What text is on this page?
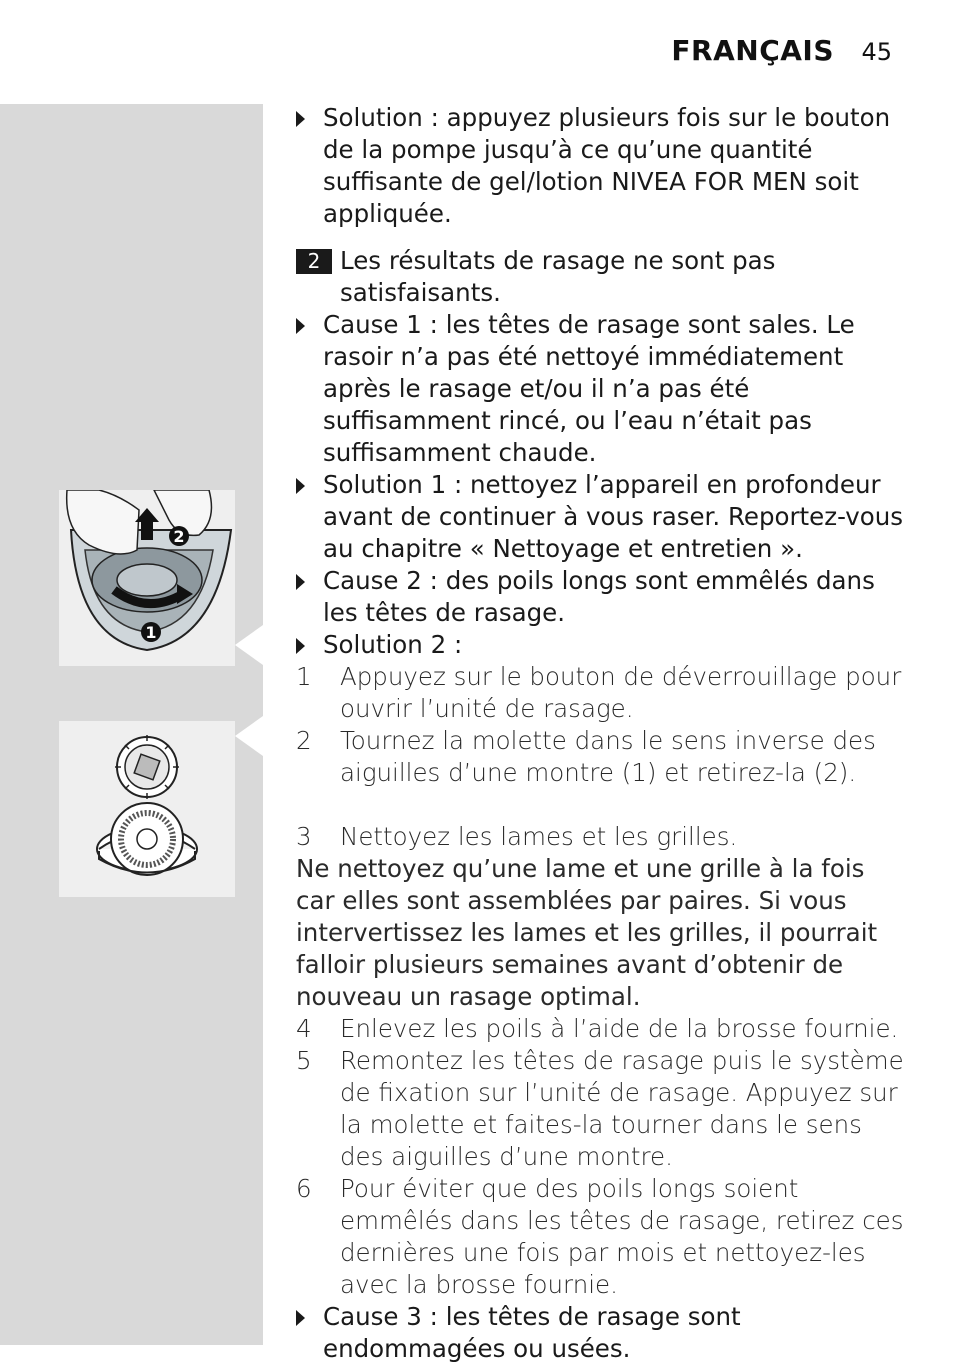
FRANÇAIS 45
2
1
Solution : appuyez plusieurs fois sur le bouton de la pompe jusqu’à ce qu’une quantité suffisante de gel/lotion NIVEA FOR MEN soit appliquée.
2 Les résultats de rasage ne sont pas satisfaisants.
Cause 1 : les têtes de rasage sont sales. Le rasoir n’a pas été nettoyé immédiatement après le rasage et/ou il n’a pas été suffisamment rincé, ou l’eau n’était pas suffisamment chaude.
Solution 1 : nettoyez l’appareil en profondeur avant de continuer à vous raser. Reportez-vous au chapitre « Nettoyage et entretien ».
Cause 2 : des poils longs sont emmêlés dans les têtes de rasage.
Solution 2 :
1 Appuyez sur le bouton de déverrouillage pour ouvrir l’unité de rasage.
2 Tournez la molette dans le sens inverse des aiguilles d’une montre (1) et retirez-la (2).
3 Nettoyez les lames et les grilles.
Ne nettoyez qu’une lame et une grille à la fois car elles sont assemblées par paires. Si vous intervertissez les lames et les grilles, il pourrait falloir plusieurs semaines avant d’obtenir de nouveau un rasage optimal.
4 Enlevez les poils à l’aide de la brosse fournie.
5 Remontez les têtes de rasage puis le système de fixation sur l’unité de rasage. Appuyez sur la molette et faites-la tourner dans le sens des aiguilles d’une montre.
6 Pour éviter que des poils longs soient emmêlés dans les têtes de rasage, retirez ces dernières une fois par mois et nettoyez-les avec la brosse fournie.
Cause 3 : les têtes de rasage sont endommagées ou usées.
